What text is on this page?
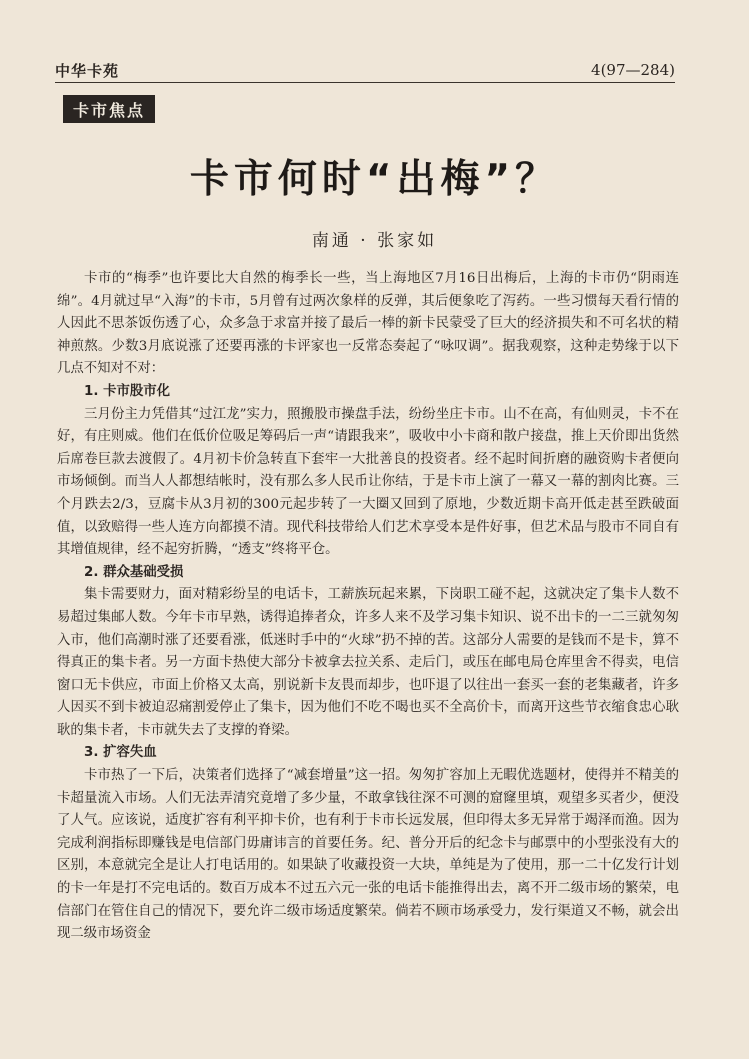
中华卡苑	4(97—284)
卡市焦点
卡市何时“出梅”？
南通 · 张家如

卡市的“梅季”也许要比大自然的梅季长一些，当上海地区7月16日出梅后，上海的卡市仍“阴雨连绵”。4月就过早“入海”的卡市，5月曾有过两次象样的反弹，其后便象吃了泻药。一些习惯每天看行情的人因此不思茶饭伤透了心，众多急于求富并接了最后一棒的新卡民蒙受了巨大的经济损失和不可名状的精神煎熬。少数3月底说涨了还要再涨的卡评家也一反常态奏起了“咏叹调”。据我观察，这种走势缘于以下几点不知对不对：

1. 卡市股市化

三月份主力凭借其“过江龙”实力，照搬股市操盘手法，纷纷坐庄卡市。山不在高，有仙则灵，卡不在好，有庄则威。他们在低价位吸足筹码后一声“请跟我来”，吸收中小卡商和散户接盘，推上天价即出货然后席卷巨款去渡假了。4月初卡价急转直下套牢一大批善良的投资者。经不起时间折磨的融资购卡者便向市场倾倒。而当人人都想结帐时，没有那么多人民币让你结，于是卡市上演了一幕又一幕的割肉比赛。三个月跌去2/3，豆腐卡从3月初的300元起步转了一大圈又回到了原地，少数近期卡高开低走甚至跌破面值，以致赔得一些人连方向都摸不清。现代科技带给人们艺术享受本是件好事，但艺术品与股市不同自有其增值规律，经不起穷折腾，“透支”终将平仓。

2. 群众基础受损

集卡需要财力，面对精彩纷呈的电话卡，工薪族玩起来累，下岗职工碰不起，这就决定了集卡人数不易超过集邮人数。今年卡市早熟，诱得追捧者众，许多人来不及学习集卡知识、说不出卡的一二三就匆匆入市，他们高潮时涨了还要看涨，低迷时手中的“火球”扔不掉的苦。这部分人需要的是钱而不是卡，算不得真正的集卡者。另一方面卡热使大部分卡被拿去拉关系、走后门，或压在邮电局仓库里舍不得卖，电信窗口无卡供应，市面上价格又太高，别说新卡友畏而却步，也吓退了以往出一套买一套的老集藏者，许多人因买不到卡被迫忍痛割爱停止了集卡，因为他们不吃不喝也买不全高价卡，而离开这些节衣缩食忠心耿耿的集卡者，卡市就失去了支撑的脊梁。

3. 扩容失血

卡市热了一下后，决策者们选择了“减套增量”这一招。匆匆扩容加上无暇优选题材，使得并不精美的卡超量流入市场。人们无法弄清究竟增了多少量，不敢拿钱往深不可测的窟窿里填，观望多买者少，便没了人气。应该说，适度扩容有利平抑卡价，也有利于卡市长远发展，但印得太多无异常于竭泽而渔。因为完成利润指标即赚钱是电信部门毋庸讳言的首要任务。纪、普分开后的纪念卡与邮票中的小型张没有大的区别，本意就完全是让人打电话用的。如果缺了收藏投资一大块，单纯是为了使用，那一二十亿发行计划的卡一年是打不完电话的。数百万成本不过五六元一张的电话卡能推得出去，离不开二级市场的繁荣，电信部门在管住自己的情况下，要允许二级市场适度繁荣。倘若不顾市场承受力，发行渠道又不畅，就会出现二级市场资金
